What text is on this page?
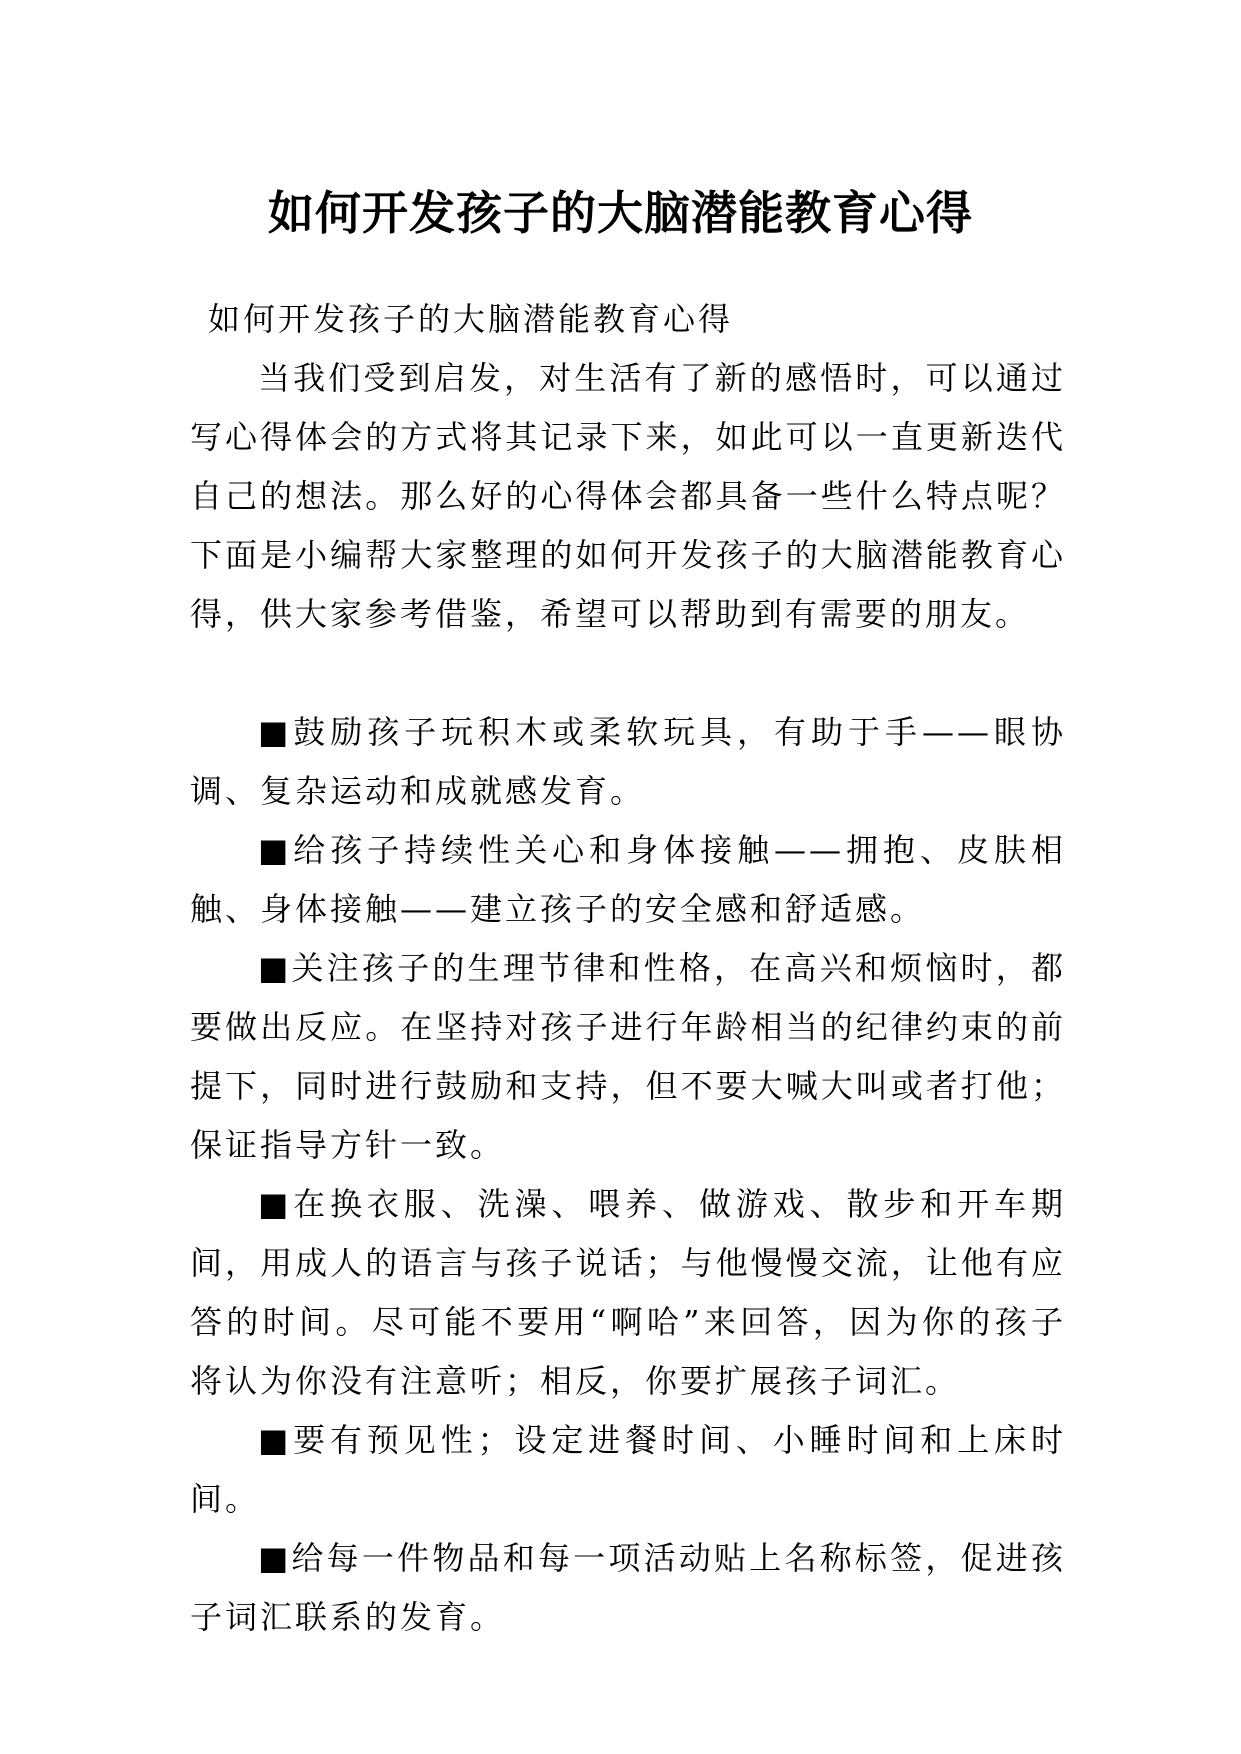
如何开发孩子的大脑潜能教育心得

如何开发孩子的大脑潜能教育心得

当我们受到启发，对生活有了新的感悟时，可以通过写心得体会的方式将其记录下来，如此可以一直更新迭代自己的想法。那么好的心得体会都具备一些什么特点呢？下面是小编帮大家整理的如何开发孩子的大脑潜能教育心得，供大家参考借鉴，希望可以帮助到有需要的朋友。

■鼓励孩子玩积木或柔软玩具，有助于手——眼协调、复杂运动和成就感发育。

■给孩子持续性关心和身体接触——拥抱、皮肤相触、身体接触——建立孩子的安全感和舒适感。

■关注孩子的生理节律和性格，在高兴和烦恼时，都要做出反应。在坚持对孩子进行年龄相当的纪律约束的前提下，同时进行鼓励和支持，但不要大喊大叫或者打他；保证指导方针一致。

■在换衣服、洗澡、喂养、做游戏、散步和开车期间，用成人的语言与孩子说话；与他慢慢交流，让他有应答的时间。尽可能不要用“啊哈”来回答，因为你的孩子将认为你没有注意听；相反，你要扩展孩子词汇。

■要有预见性；设定进餐时间、小睡时间和上床时间。

■给每一件物品和每一项活动贴上名称标签，促进孩子词汇联系的发育。
